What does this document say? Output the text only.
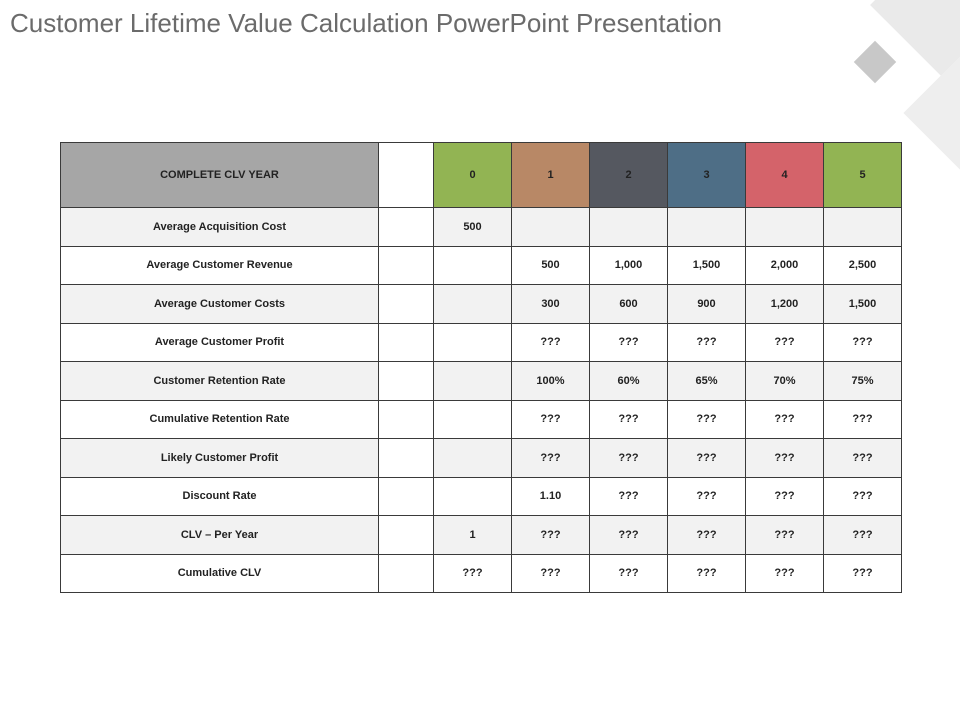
Customer Lifetime Value Calculation PowerPoint Presentation
COMPLETE CLV YEAR		0	1	2	3	4	5
Average Acquisition Cost		500					
Average Customer Revenue			500	1,000	1,500	2,000	2,500
Average Customer Costs			300	600	900	1,200	1,500
Average Customer Profit			???	???	???	???	???
Customer Retention Rate			100%	60%	65%	70%	75%
Cumulative Retention Rate			???	???	???	???	???
Likely Customer Profit			???	???	???	???	???
Discount Rate			1.10	???	???	???	???
CLV – Per Year		1	???	???	???	???	???
Cumulative CLV		???	???	???	???	???	???
